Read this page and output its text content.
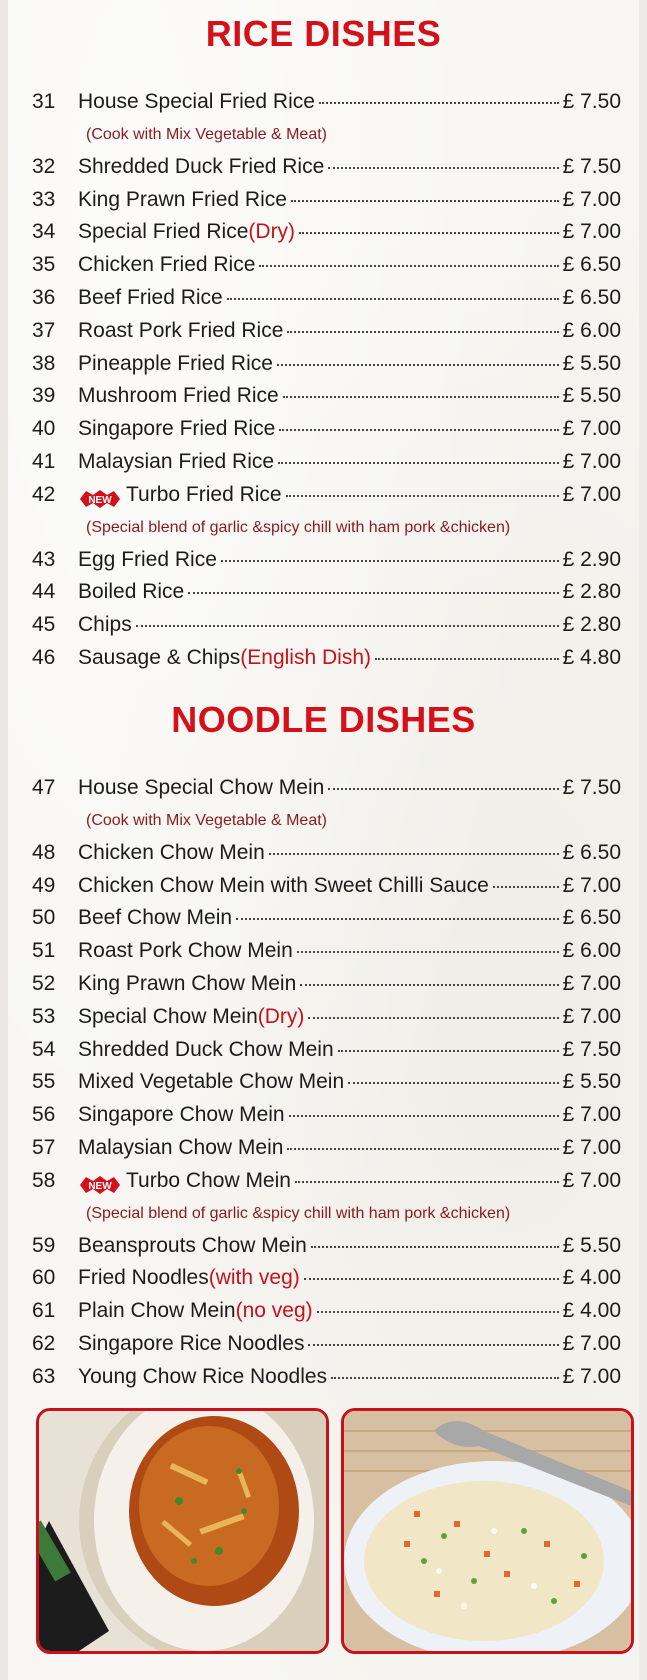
RICE DISHES
31	House Special Fried Rice	£ 7.50
(Cook with Mix Vegetable & Meat)
32	Shredded Duck Fried Rice	£ 7.50
33	King Prawn Fried Rice	£ 7.00
34	Special Fried Rice(Dry)	£ 7.00
35	Chicken Fried Rice	£ 6.50
36	Beef Fried Rice	£ 6.50
37	Roast Pork Fried Rice	£ 6.00
38	Pineapple Fried Rice	£ 5.50
39	Mushroom Fried Rice	£ 5.50
40	Singapore Fried Rice	£ 7.00
41	Malaysian Fried Rice	£ 7.00
42	NEW Turbo Fried Rice	£ 7.00
(Special blend of garlic &spicy chill with ham pork &chicken)
43	Egg Fried Rice	£ 2.90
44	Boiled Rice	£ 2.80
45	Chips	£ 2.80
46	Sausage & Chips(English Dish)	£ 4.80
NOODLE DISHES
47	House Special Chow Mein	£ 7.50
(Cook with Mix Vegetable & Meat)
48	Chicken Chow Mein	£ 6.50
49	Chicken Chow Mein with Sweet Chilli Sauce	£ 7.00
50	Beef Chow Mein	£ 6.50
51	Roast Pork Chow Mein	£ 6.00
52	King Prawn Chow Mein	£ 7.00
53	Special Chow Mein(Dry)	£ 7.00
54	Shredded Duck Chow Mein	£ 7.50
55	Mixed Vegetable Chow Mein	£ 5.50
56	Singapore Chow Mein	£ 7.00
57	Malaysian Chow Mein	£ 7.00
58	NEW Turbo Chow Mein	£ 7.00
(Special blend of garlic &spicy chill with ham pork &chicken)
59	Beansprouts Chow Mein	£ 5.50
60	Fried Noodles(with veg)	£ 4.00
61	Plain Chow Mein(no veg)	£ 4.00
62	Singapore Rice Noodles	£ 7.00
63	Young Chow Rice Noodles	£ 7.00
